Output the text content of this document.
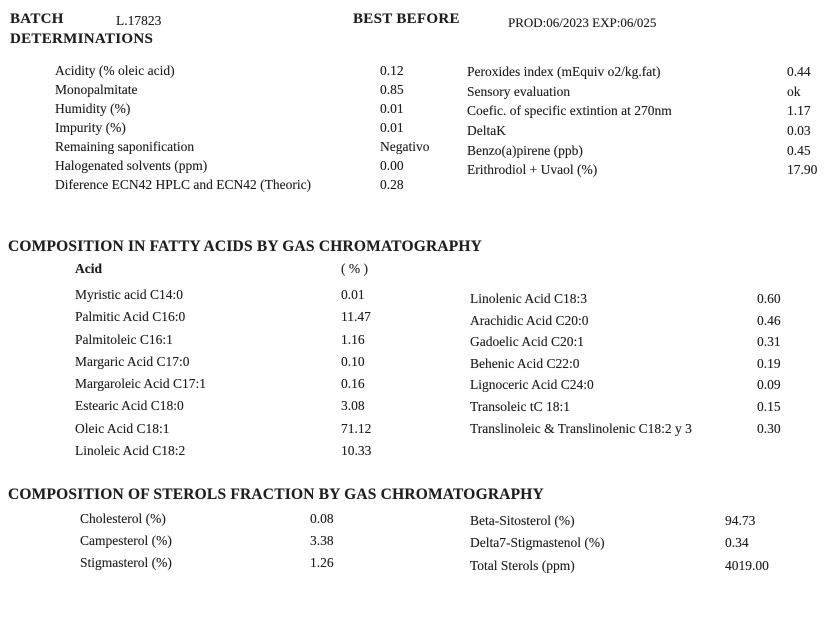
BATCH	L.17823	BEST BEFORE	PROD:06/2023 EXP:06/025
DETERMINATIONS
Acidity (% oleic acid)	0.12
Monopalmitate	0.85
Humidity (%)	0.01
Impurity (%)	0.01
Remaining saponification	Negativo
Halogenated solvents (ppm)	0.00
Diference ECN42 HPLC and ECN42 (Theoric)	0.28
Peroxides index (mEquiv o2/kg.fat)	0.44
Sensory evaluation	ok
Coefic. of specific extintion at 270nm	1.17
DeltaK	0.03
Benzo(a)pirene (ppb)	0.45
Erithrodiol + Uvaol (%)	17.90
COMPOSITION IN FATTY ACIDS BY GAS CHROMATOGRAPHY
Acid	( % )
Myristic acid C14:0	0.01
Palmitic Acid C16:0	11.47
Palmitoleic C16:1	1.16
Margaric Acid C17:0	0.10
Margaroleic Acid C17:1	0.16
Estearic Acid C18:0	3.08
Oleic Acid C18:1	71.12
Linoleic Acid C18:2	10.33
Linolenic Acid C18:3	0.60
Arachidic Acid C20:0	0.46
Gadoelic Acid C20:1	0.31
Behenic Acid C22:0	0.19
Lignoceric Acid C24:0	0.09
Transoleic tC 18:1	0.15
Translinoleic & Translinolenic C18:2 y 3	0.30
COMPOSITION OF STEROLS FRACTION BY GAS CHROMATOGRAPHY
Cholesterol (%)	0.08
Campesterol (%)	3.38
Stigmasterol (%)	1.26
Beta-Sitosterol (%)	94.73
Delta7-Stigmastenol (%)	0.34
Total Sterols (ppm)	4019.00
